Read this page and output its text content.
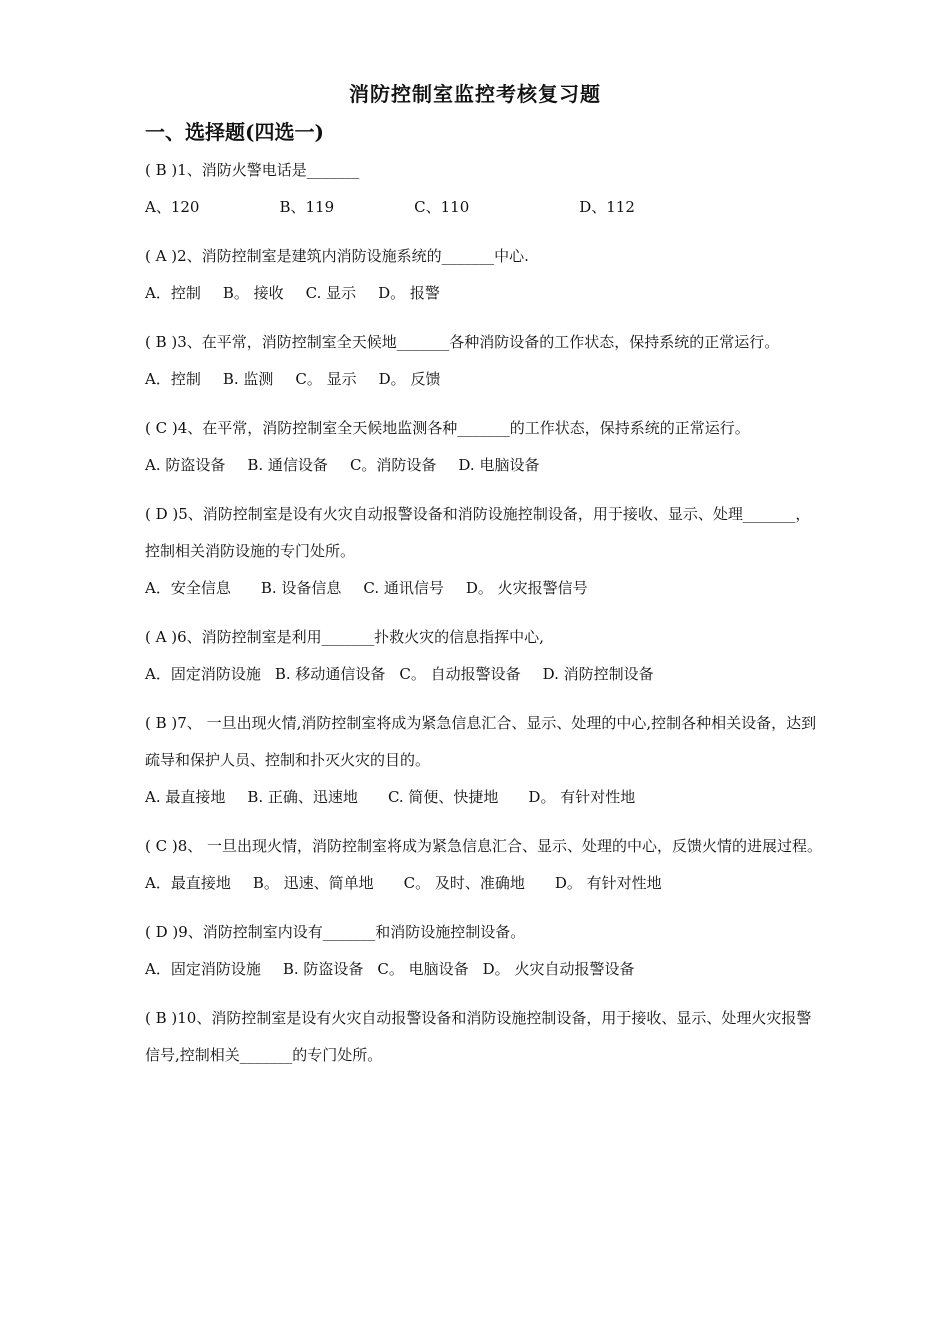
消防控制室监控考核复习题
一、选择题(四选一)
( B )1、消防火警电话是_______
A、120	B、119	C、110	D、112
( A )2、消防控制室是建筑内消防设施系统的_______中心.
A．控制 B。 接收 C. 显示 D。 报警
( B )3、在平常，消防控制室全天候地_______各种消防设备的工作状态，保持系统的正常运行。
A．控制 B. 监测 C。 显示 D。 反馈
( C )4、在平常，消防控制室全天候地监测各种_______的工作状态，保持系统的正常运行。
A. 防盗设备 B. 通信设备 C。消防设备 D. 电脑设备
( D )5、消防控制室是设有火灾自动报警设备和消防设施控制设备，用于接收、显示、处理_______，控制相关消防设施的专门处所。
A．安全信息 B. 设备信息 C. 通讯信号 D。 火灾报警信号
( A )6、消防控制室是利用_______扑救火灾的信息指挥中心,
A．固定消防设施 B. 移动通信设备 C。 自动报警设备 D. 消防控制设备
( B )7、 一旦出现火情,消防控制室将成为紧急信息汇合、显示、处理的中心,控制各种相关设备，达到疏导和保护人员、控制和扑灭火灾的目的。
A. 最直接地 B. 正确、迅速地 C. 简便、快捷地 D。 有针对性地
( C )8、 一旦出现火情，消防控制室将成为紧急信息汇合、显示、处理的中心，反馈火情的进展过程。
A．最直接地 B。 迅速、简单地 C。 及时、准确地 D。 有针对性地
( D )9、消防控制室内设有_______和消防设施控制设备。
A．固定消防设施 B. 防盗设备 C。 电脑设备 D。 火灾自动报警设备
( B )10、消防控制室是设有火灾自动报警设备和消防设施控制设备，用于接收、显示、处理火灾报警信号,控制相关_______的专门处所。
